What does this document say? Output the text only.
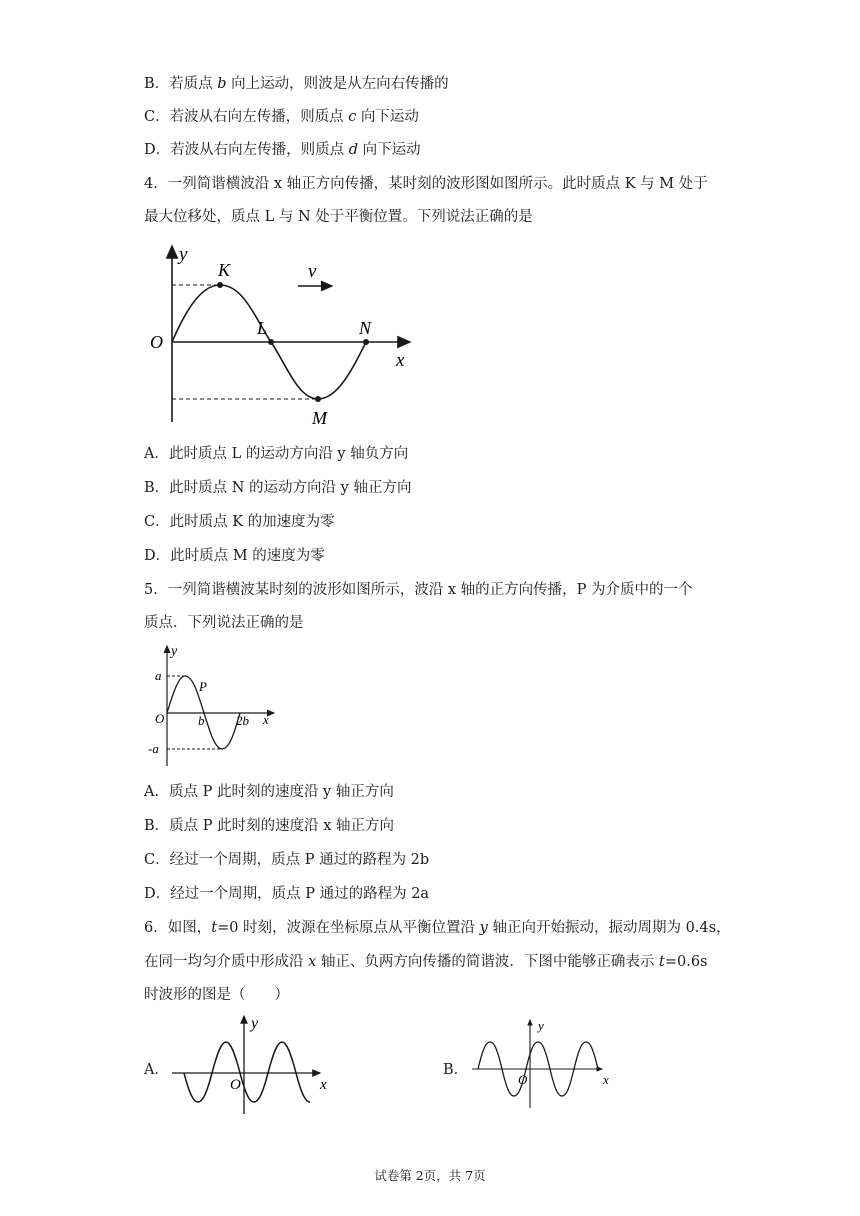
B．若质点 b 向上运动，则波是从左向右传播的
C．若波从右向左传播，则质点 c 向下运动
D．若波从右向左传播，则质点 d 向下运动
4．一列简谐横波沿 x 轴正方向传播，某时刻的波形图如图所示。此时质点 K 与 M 处于
最大位移处，质点 L 与 N 处于平衡位置。下列说法正确的是
y
O
x
K
L	N
M
v
A．此时质点 L 的运动方向沿 y 轴负方向
B．此时质点 N 的运动方向沿 y 轴正方向
C．此时质点 K 的加速度为零
D．此时质点 M 的速度为零
5．一列简谐横波某时刻的波形如图所示，波沿 x 轴的正方向传播，P 为介质中的一个
质点．下列说法正确的是
y
a
P
O	b 2b x
-a
A．质点 P 此时刻的速度沿 y 轴正方向
B．质点 P 此时刻的速度沿 x 轴正方向
C．经过一个周期，质点 P 通过的路程为 2b
D．经过一个周期，质点 P 通过的路程为 2a
6．如图，t=0 时刻，波源在坐标原点从平衡位置沿 y 轴正向开始振动，振动周期为 0.4s，
在同一均匀介质中形成沿 x 轴正、负两方向传播的简谐波．下图中能够正确表示 t=0.6s
时波形的图是（　　）
A．
y
O	x
B．
y
O	x
试卷第 2页，共 7页
